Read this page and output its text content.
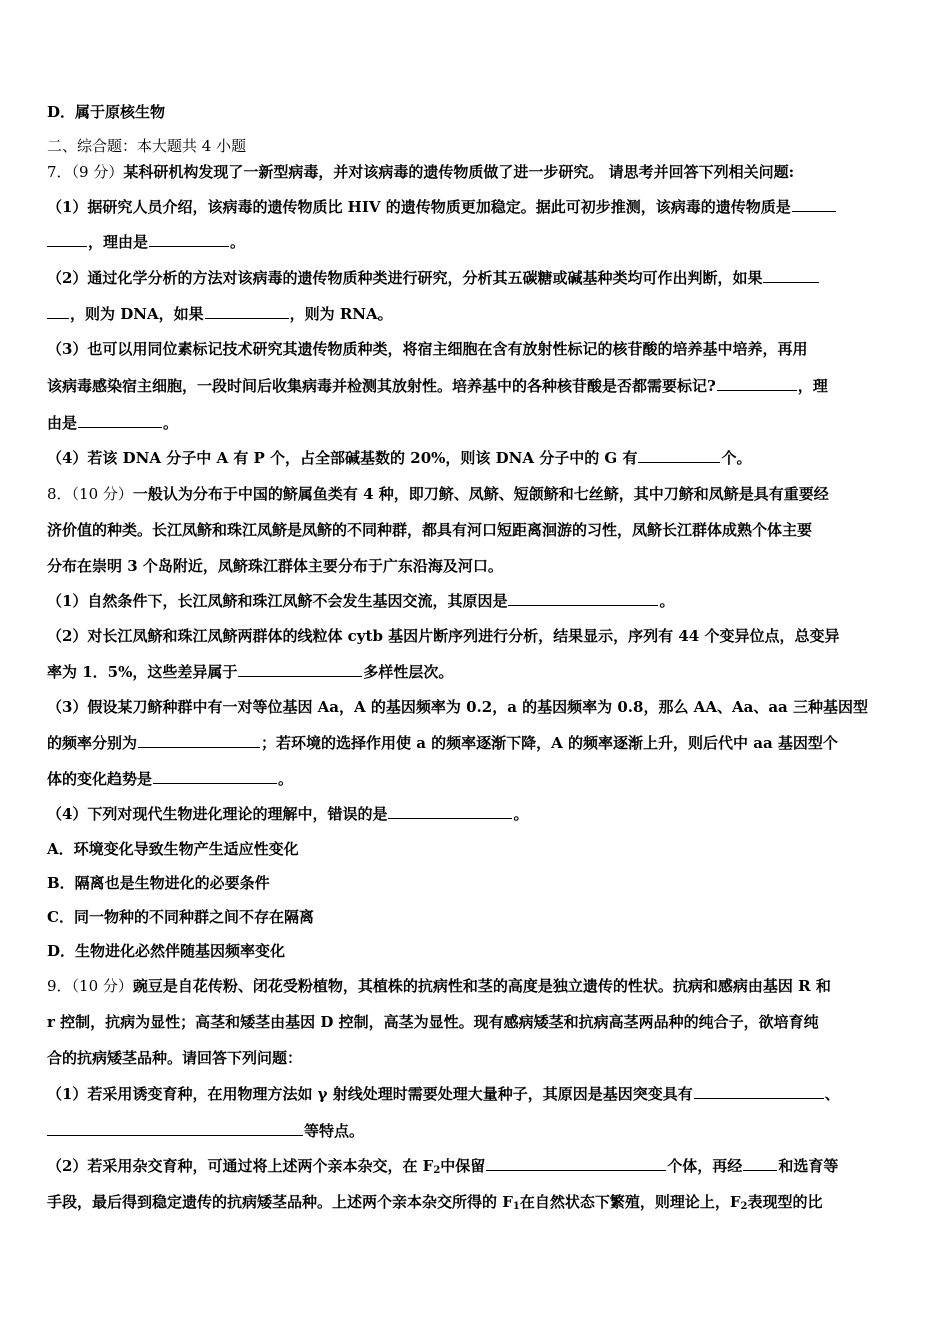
D．属于原核生物
二、综合题：本大题共 4 小题
7．（9 分）某科研机构发现了一新型病毒，并对该病毒的遗传物质做了进一步研究。 请思考并回答下列相关问题:
（1）据研究人员介绍，该病毒的遗传物质比 HIV 的遗传物质更加稳定。据此可初步推测，该病毒的遗传物质是
，理由是	。
（2）通过化学分析的方法对该病毒的遗传物质种类进行研究，分析其五碳糖或碱基种类均可作出判断，如果
，则为 DNA，如果	，则为 RNA。
（3）也可以用同位素标记技术研究其遗传物质种类，将宿主细胞在含有放射性标记的核苷酸的培养基中培养，再用
该病毒感染宿主细胞，一段时间后收集病毒并检测其放射性。培养基中的各种核苷酸是否都需要标记?	，理
由是	。
（4）若该 DNA 分子中 A 有 P 个，占全部碱基数的 20%，则该 DNA 分子中的 G 有	个。
8．（10 分）一般认为分布于中国的鲚属鱼类有 4 种，即刀鲚、凤鲚、短颌鲚和七丝鲚，其中刀鲚和凤鲚是具有重要经
济价值的种类。长江凤鲚和珠江凤鲚是凤鲚的不同种群，都具有河口短距离洄游的习性，凤鲚长江群体成熟个体主要
分布在崇明 3 个岛附近，凤鲚珠江群体主要分布于广东沿海及河口。
（1）自然条件下，长江凤鲚和珠江凤鲚不会发生基因交流，其原因是	。
（2）对长江凤鲚和珠江凤鲚两群体的线粒体 cytb 基因片断序列进行分析，结果显示，序列有 44 个变异位点，总变异
率为 1．5%，这些差异属于	多样性层次。
（3）假设某刀鲚种群中有一对等位基因 Aa，A 的基因频率为 0.2，a 的基因频率为 0.8，那么 AA、Aa、aa 三种基因型
的频率分别为	；若环境的选择作用使 a 的频率逐渐下降，A 的频率逐渐上升，则后代中 aa 基因型个
体的变化趋势是	。
（4）下列对现代生物进化理论的理解中，错误的是	。
A．环境变化导致生物产生适应性变化
B．隔离也是生物进化的必要条件
C．同一物种的不同种群之间不存在隔离
D．生物进化必然伴随基因频率变化
9．（10 分）豌豆是自花传粉、闭花受粉植物，其植株的抗病性和茎的高度是独立遗传的性状。抗病和感病由基因 R 和
r 控制，抗病为显性；高茎和矮茎由基因 D 控制，高茎为显性。现有感病矮茎和抗病高茎两品种的纯合子，欲培育纯
合的抗病矮茎品种。请回答下列问题：
（1）若采用诱变育种，在用物理方法如 γ 射线处理时需要处理大量种子，其原因是基因突变具有	、
等特点。
（2）若采用杂交育种，可通过将上述两个亲本杂交，在 $F_2$中保留	个体，再经 和选育等
手段，最后得到稳定遗传的抗病矮茎品种。上述两个亲本杂交所得的 $F_1$在自然状态下繁殖，则理论上，$F_2$表现型的比
